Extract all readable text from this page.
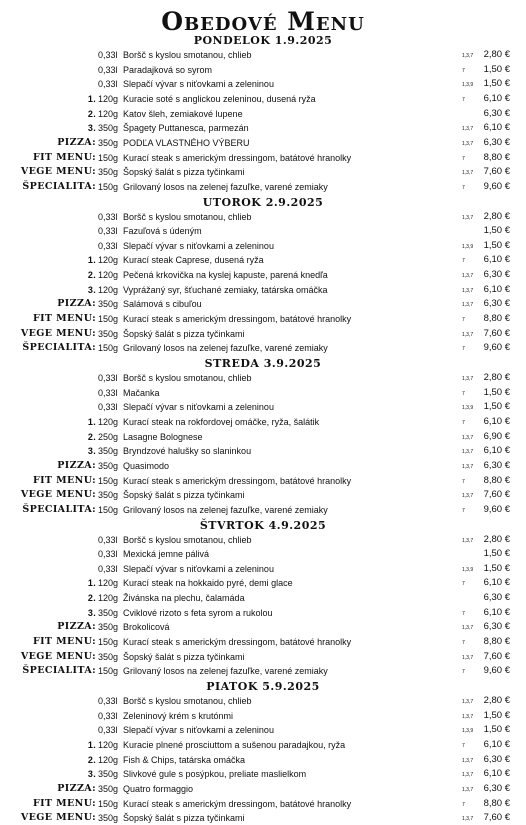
Obedové Menu
PONDELOK 1.9.2025
0,33l Boršč s kyslou smotanou, chlieb	1,3,7 2,80 €
0,33l Paradajková so syrom	7 1,50 €
0,33l Slepačí vývar s niťovkami a zeleninou	1,3,9 1,50 €
1. 120g Kuracie soté s anglickou zeleninou, dusená ryža	7 6,10 €
2. 120g Katov šleh, zemiakové lupene	6,30 €
3. 350g Špagety Puttanesca, parmezán	1,3,7 6,10 €
PIZZA: 350g PODĽA VLASTNÉHO VÝBERU	1,3,7 6,30 €
FIT MENU: 150g Kurací steak s americkým dressingom, batátové hranolky	7 8,80 €
VEGE MENU: 350g Šopský šalát s pizza tyčinkami	1,3,7 7,60 €
ŠPECIALITA: 150g Grilovaný losos na zelenej fazuľke, varené zemiaky	7 9,60 €
UTOROK 2.9.2025
0,33l Boršč s kyslou smotanou, chlieb	1,3,7 2,80 €
0,33l Fazuľová s údeným	1,50 €
0,33l Slepačí vývar s niťovkami a zeleninou	1,3,9 1,50 €
1. 120g Kurací steak Caprese, dusená ryža	7 6,10 €
2. 120g Pečená krkovička na kyslej kapuste, parená knedľa	1,3,7 6,30 €
3. 120g Vyprážaný syr, šťuchané zemiaky, tatárska omáčka	1,3,7 6,10 €
PIZZA: 350g Salámová s cibuľou	1,3,7 6,30 €
FIT MENU: 150g Kurací steak s americkým dressingom, batátové hranolky	7 8,80 €
VEGE MENU: 350g Šopský šalát s pizza tyčinkami	1,3,7 7,60 €
ŠPECIALITA: 150g Grilovaný losos na zelenej fazuľke, varené zemiaky	7 9,60 €
STREDA 3.9.2025
0,33l Boršč s kyslou smotanou, chlieb	1,3,7 2,80 €
0,33l Mačanka	7 1,50 €
0,33l Slepačí vývar s niťovkami a zeleninou	1,3,9 1,50 €
1. 120g Kurací steak na rokfordovej omáčke, ryža, šalátik	7 6,10 €
2. 250g Lasagne Bolognese	1,3,7 6,90 €
3. 350g Bryndzové halušky so slaninkou	1,3,7 6,10 €
PIZZA: 350g Quasimodo	1,3,7 6,30 €
FIT MENU: 150g Kurací steak s americkým dressingom, batátové hranolky	7 8,80 €
VEGE MENU: 350g Šopský šalát s pizza tyčinkami	1,3,7 7,60 €
ŠPECIALITA: 150g Grilovaný losos na zelenej fazuľke, varené zemiaky	7 9,60 €
ŠTVRTOK 4.9.2025
0,33l Boršč s kyslou smotanou, chlieb	1,3,7 2,80 €
0,33l Mexická jemne pálivá	1,50 €
0,33l Slepačí vývar s niťovkami a zeleninou	1,3,9 1,50 €
1. 120g Kurací steak na hokkaido pyré, demi glace	7 6,10 €
2. 120g Živánska na plechu, čalamáda	6,30 €
3. 350g Cviklové rizoto s feta syrom a rukolou	7 6,10 €
PIZZA: 350g Brokolicová	1,3,7 6,30 €
FIT MENU: 150g Kurací steak s americkým dressingom, batátové hranolky	7 8,80 €
VEGE MENU: 350g Šopský šalát s pizza tyčinkami	1,3,7 7,60 €
ŠPECIALITA: 150g Grilovaný losos na zelenej fazuľke, varené zemiaky	7 9,60 €
PIATOK 5.9.2025
0,33l Boršč s kyslou smotanou, chlieb	1,3,7 2,80 €
0,33l Zeleninový krém s krutónmi	1,3,7 1,50 €
0,33l Slepačí vývar s niťovkami a zeleninou	1,3,9 1,50 €
1. 120g Kuracie plnené prosciuttom a sušenou paradajkou, ryža	7 6,10 €
2. 120g Fish & Chips, tatárska omáčka	1,3,7 6,30 €
3. 350g Slivkové gule s posýpkou, preliate maslielkom	1,3,7 6,10 €
PIZZA: 350g Quatro formaggio	1,3,7 6,30 €
FIT MENU: 150g Kurací steak s americkým dressingom, batátové hranolky	7 8,80 €
VEGE MENU: 350g Šopský šalát s pizza tyčinkami	1,3,7 7,60 €
